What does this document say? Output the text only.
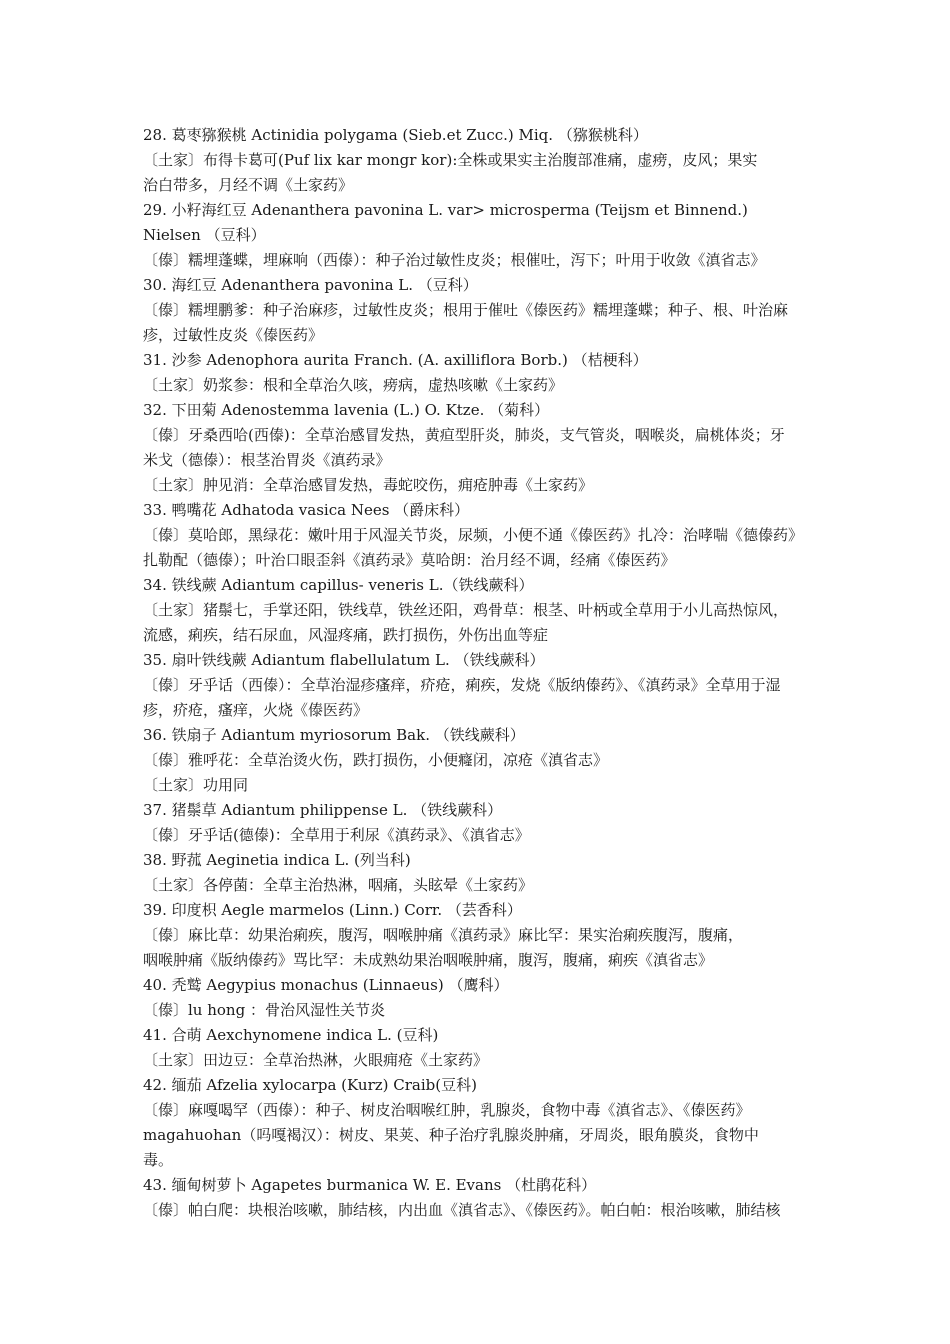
28. 葛枣猕猴桃 Actinidia polygama (Sieb.et Zucc.) Miq. （猕猴桃科）
〔土家〕布得卡葛可(Puf lix kar mongr kor):全株或果实主治腹部准痛，虚痨，皮风；果实
治白带多，月经不调《土家药》
29. 小籽海红豆 Adenanthera pavonina L. var> microsperma (Teijsm et Binnend.)
Nielsen （豆科）
〔傣〕糯埋蓬蝶，埋麻响（西傣）：种子治过敏性皮炎；根催吐，泻下；叶用于收敛《滇省志》
30. 海红豆 Adenanthera pavonina L. （豆科）
〔傣〕糯埋鹏爹：种子治麻疹，过敏性皮炎；根用于催吐《傣医药》糯埋蓬蝶；种子、根、叶治麻
疹，过敏性皮炎《傣医药》
31. 沙参 Adenophora aurita Franch. (A. axilliflora Borb.) （桔梗科）
〔土家〕奶浆参：根和全草治久咳，痨病，虚热咳嗽《土家药》
32. 下田菊 Adenostemma lavenia (L.) O. Ktze. （菊科）
〔傣〕牙桑西哈(西傣)：全草治感冒发热，黄疸型肝炎，肺炎，支气管炎，咽喉炎，扁桃体炎；牙
米戈（德傣）：根茎治胃炎《滇药录》
〔土家〕肿见消：全草治感冒发热，毒蛇咬伤，痈疮肿毒《土家药》
33. 鸭嘴花 Adhatoda vasica Nees （爵床科）
〔傣〕莫哈郎，黑绿花：嫩叶用于风湿关节炎，尿频，小便不通《傣医药》扎冷：治哮喘《德傣药》
扎勒配（德傣）；叶治口眼歪斜《滇药录》莫哈朗：治月经不调，经痛《傣医药》
34. 铁线蕨 Adiantum capillus- veneris L.（铁线蕨科）
〔土家〕猪鬃七，手掌还阳，铁线草，铁丝还阳，鸡骨草：根茎、叶柄或全草用于小儿高热惊风，
流感，痢疾，结石尿血，风湿疼痛，跌打损伤，外伤出血等症
35. 扇叶铁线蕨 Adiantum flabellulatum L. （铁线蕨科）
〔傣〕牙乎话（西傣）：全草治湿疹瘙痒，疥疮，痢疾，发烧《版纳傣药》、《滇药录》全草用于湿
疹，疥疮，瘙痒，火烧《傣医药》
36. 铁扇子 Adiantum myriosorum Bak. （铁线蕨科）
〔傣〕雅呼花：全草治烫火伤，跌打损伤，小便癃闭，凉疮《滇省志》
〔土家〕功用同
37. 猪鬃草 Adiantum philippense L. （铁线蕨科）
〔傣〕牙乎话(德傣)：全草用于利尿《滇药录》、《滇省志》
38. 野菰 Aeginetia indica L. (列当科)
〔土家〕各停菌：全草主治热淋，咽痛，头眩晕《土家药》
39. 印度枳 Aegle marmelos (Linn.) Corr. （芸香科）
〔傣〕麻比草：幼果治痢疾，腹泻，咽喉肿痛《滇药录》麻比罕：果实治痢疾腹泻，腹痛，
咽喉肿痛《版纳傣药》骂比罕：未成熟幼果治咽喉肿痛，腹泻，腹痛，痢疾《滇省志》
40. 秃鹫 Aegypius monachus (Linnaeus) （鹰科）
〔傣〕lu hong ：骨治风湿性关节炎
41. 合萌 Aexchynomene indica L. (豆科)
〔土家〕田边豆：全草治热淋，火眼痈疮《土家药》
42. 缅茄 Afzelia xylocarpa (Kurz) Craib(豆科)
〔傣〕麻嘎喝罕（西傣）：种子、树皮治咽喉红肿，乳腺炎，食物中毒《滇省志》、《傣医药》
magahuohan（吗嘎褐汉）：树皮、果荚、种子治疗乳腺炎肿痛，牙周炎，眼角膜炎，食物中
毒。
43. 缅甸树萝卜 Agapetes burmanica W. E. Evans （杜鹃花科）
〔傣〕帕白爬：块根治咳嗽，肺结核，内出血《滇省志》、《傣医药》。帕白帕：根治咳嗽，肺结核
